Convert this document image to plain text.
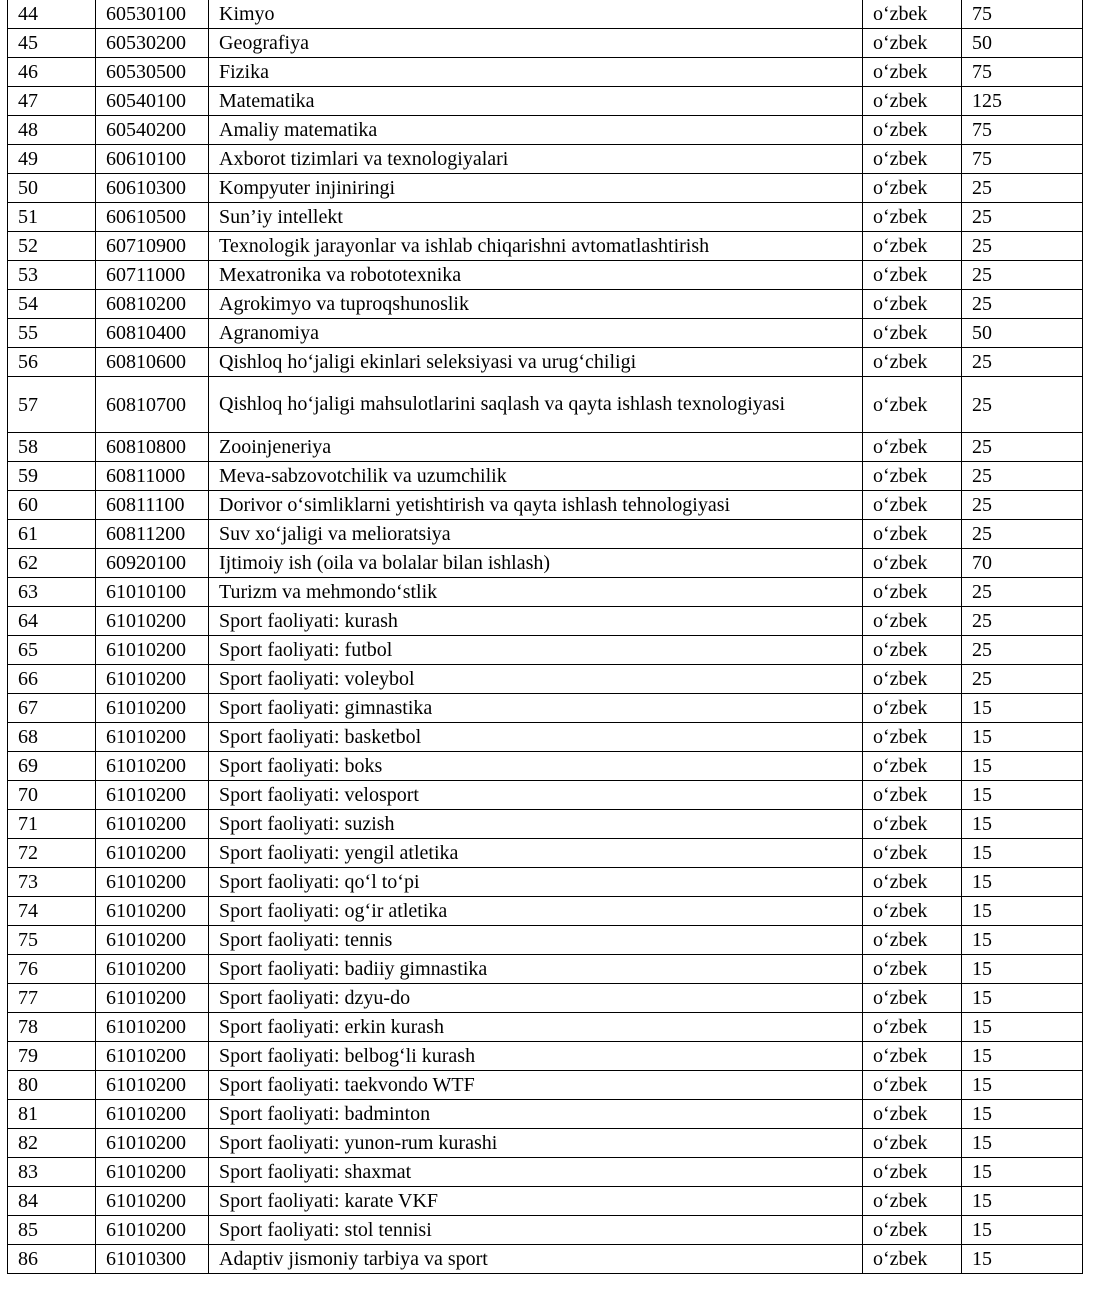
44	60530100	Kimyo	o‘zbek	75
45	60530200	Geografiya	o‘zbek	50
46	60530500	Fizika	o‘zbek	75
47	60540100	Matematika	o‘zbek	125
48	60540200	Amaliy matematika	o‘zbek	75
49	60610100	Axborot tizimlari va texnologiyalari	o‘zbek	75
50	60610300	Kompyuter injiniringi	o‘zbek	25
51	60610500	Sun’iy intellekt	o‘zbek	25
52	60710900	Texnologik jarayonlar va ishlab chiqarishni avtomatlashtirish	o‘zbek	25
53	60711000	Mexatronika va robototexnika	o‘zbek	25
54	60810200	Agrokimyo va tuproqshunoslik	o‘zbek	25
55	60810400	Agranomiya	o‘zbek	50
56	60810600	Qishloq ho‘jaligi ekinlari seleksiyasi va urug‘chiligi	o‘zbek	25
57	60810700	Qishloq ho‘jaligi mahsulotlarini saqlash va qayta ishlash texnologiyasi	o‘zbek	25
58	60810800	Zooinjeneriya	o‘zbek	25
59	60811000	Meva-sabzovotchilik va uzumchilik	o‘zbek	25
60	60811100	Dorivor o‘simliklarni yetishtirish va qayta ishlash tehnologiyasi	o‘zbek	25
61	60811200	Suv xo‘jaligi va melioratsiya	o‘zbek	25
62	60920100	Ijtimoiy ish (oila va bolalar bilan ishlash)	o‘zbek	70
63	61010100	Turizm va mehmondo‘stlik	o‘zbek	25
64	61010200	Sport faoliyati: kurash	o‘zbek	25
65	61010200	Sport faoliyati: futbol	o‘zbek	25
66	61010200	Sport faoliyati: voleybol	o‘zbek	25
67	61010200	Sport faoliyati: gimnastika	o‘zbek	15
68	61010200	Sport faoliyati: basketbol	o‘zbek	15
69	61010200	Sport faoliyati: boks	o‘zbek	15
70	61010200	Sport faoliyati: velosport	o‘zbek	15
71	61010200	Sport faoliyati: suzish	o‘zbek	15
72	61010200	Sport faoliyati: yengil atletika	o‘zbek	15
73	61010200	Sport faoliyati: qo‘l to‘pi	o‘zbek	15
74	61010200	Sport faoliyati: og‘ir atletika	o‘zbek	15
75	61010200	Sport faoliyati: tennis	o‘zbek	15
76	61010200	Sport faoliyati: badiiy gimnastika	o‘zbek	15
77	61010200	Sport faoliyati: dzyu-do	o‘zbek	15
78	61010200	Sport faoliyati: erkin kurash	o‘zbek	15
79	61010200	Sport faoliyati: belbog‘li kurash	o‘zbek	15
80	61010200	Sport faoliyati: taekvondo WTF	o‘zbek	15
81	61010200	Sport faoliyati: badminton	o‘zbek	15
82	61010200	Sport faoliyati: yunon-rum kurashi	o‘zbek	15
83	61010200	Sport faoliyati: shaxmat	o‘zbek	15
84	61010200	Sport faoliyati: karate VKF	o‘zbek	15
85	61010200	Sport faoliyati: stol tennisi	o‘zbek	15
86	61010300	Adaptiv jismoniy tarbiya va sport	o‘zbek	15
